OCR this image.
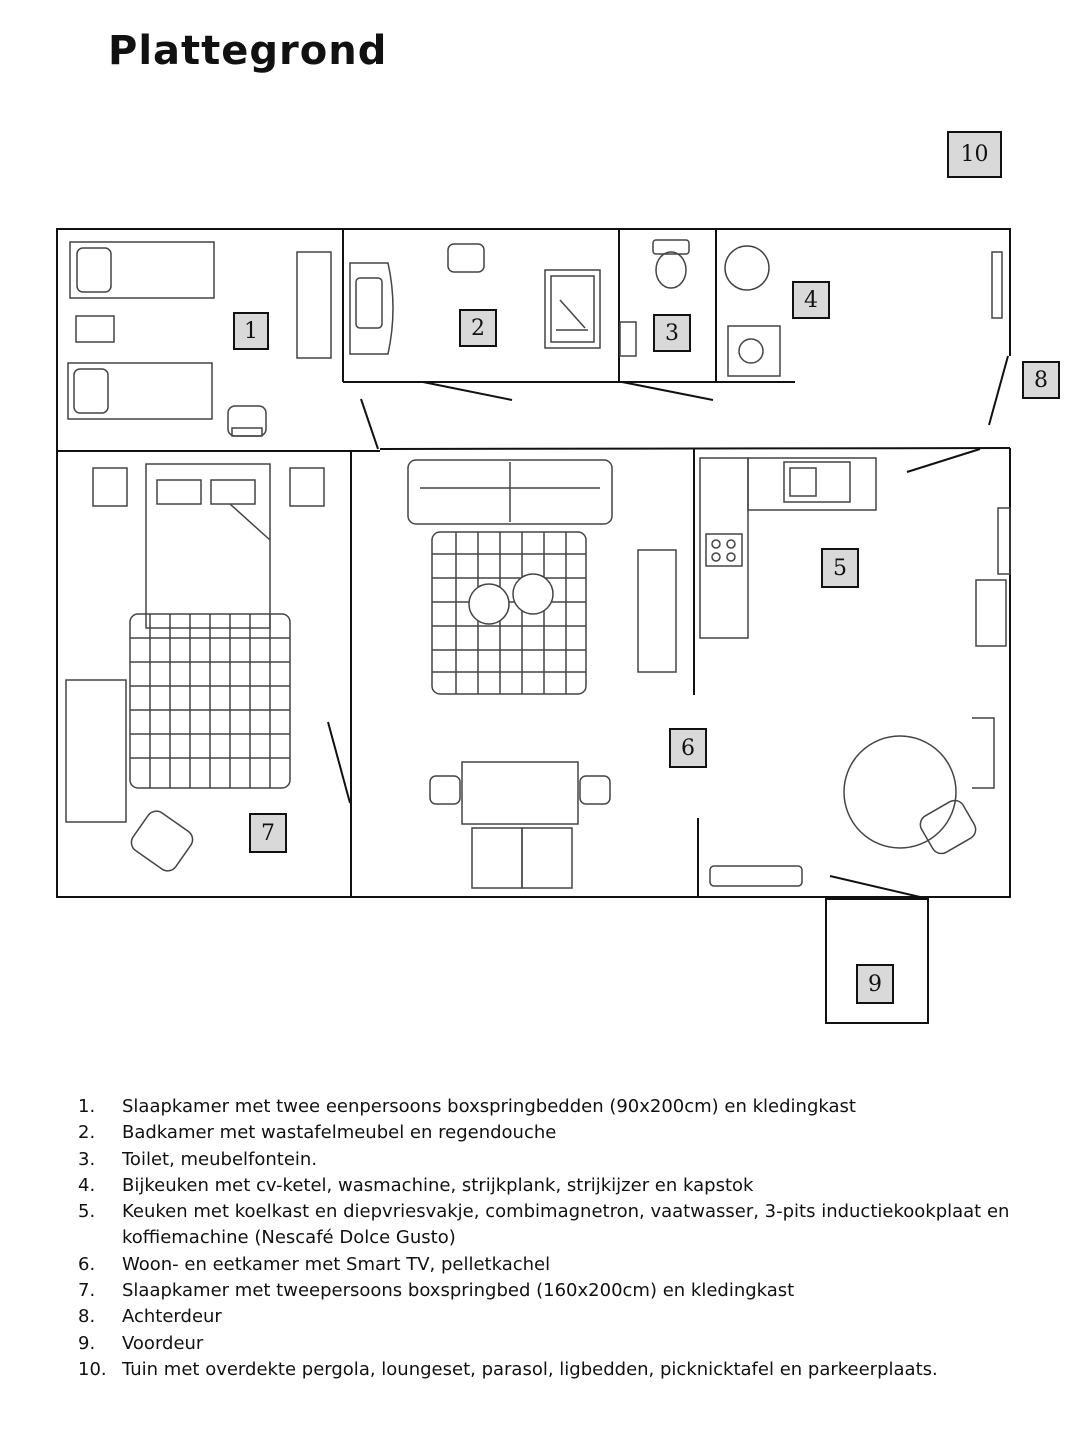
Plattegrond
1	2	3
4
5
6
7
8
9
10
1.	Slaapkamer met twee eenpersoons boxspringbedden (90x200cm) en kledingkast
2.	Badkamer met wastafelmeubel en regendouche
3.	Toilet, meubelfontein.
4.	Bijkeuken met cv-ketel, wasmachine, strijkplank, strijkijzer en kapstok
5.	Keuken met koelkast en diepvriesvakje, combimagnetron, vaatwasser, 3-pits inductiekookplaat en koffiemachine (Nescafé Dolce Gusto)
6.	Woon- en eetkamer met Smart TV, pelletkachel
7.	Slaapkamer met tweepersoons boxspringbed (160x200cm) en kledingkast
8.	Achterdeur
9.	Voordeur
10. Tuin met overdekte pergola, loungeset, parasol, ligbedden, picknicktafel en parkeerplaats.
